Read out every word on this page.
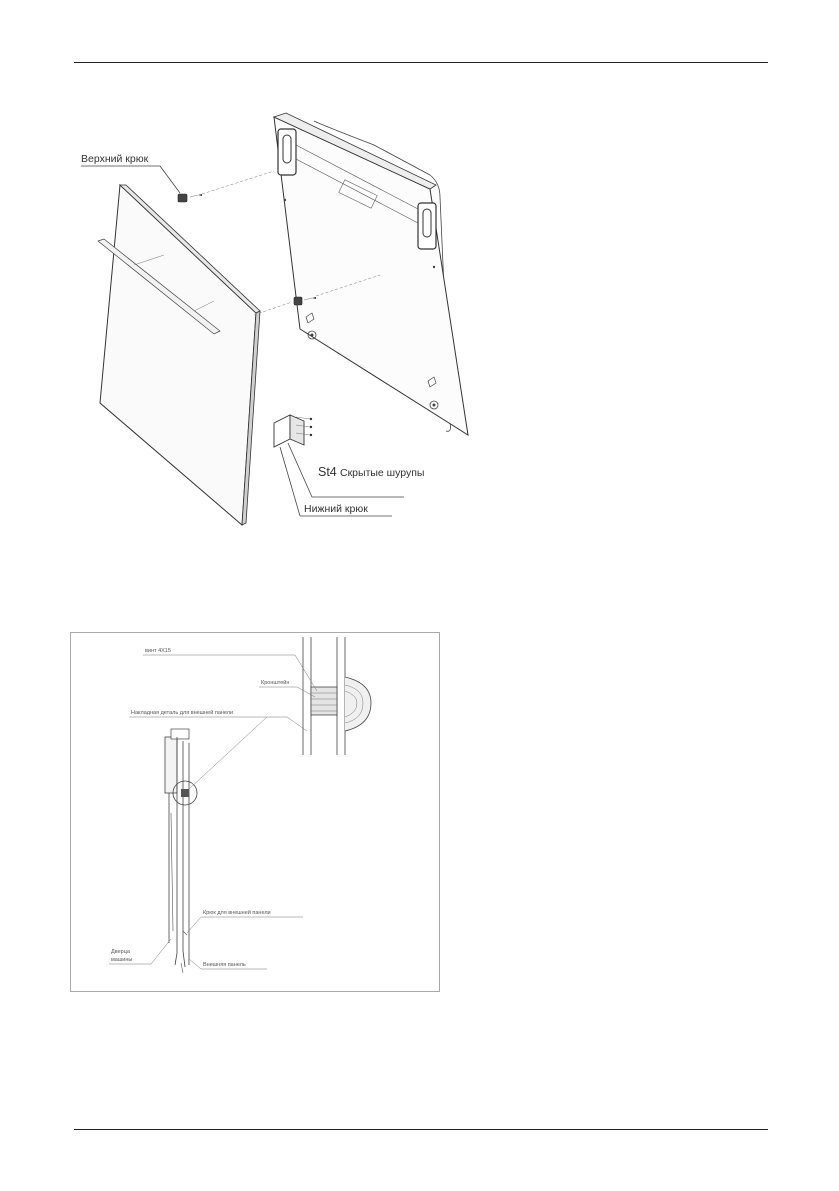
Верхний крюк
St4 Скрытые шурупы
Нижний крюк
винт 4Х15
Кронштейн
Накладная деталь для внешней панели
Крюк для внешней панели
Дверца
машины
Внешняя панель
